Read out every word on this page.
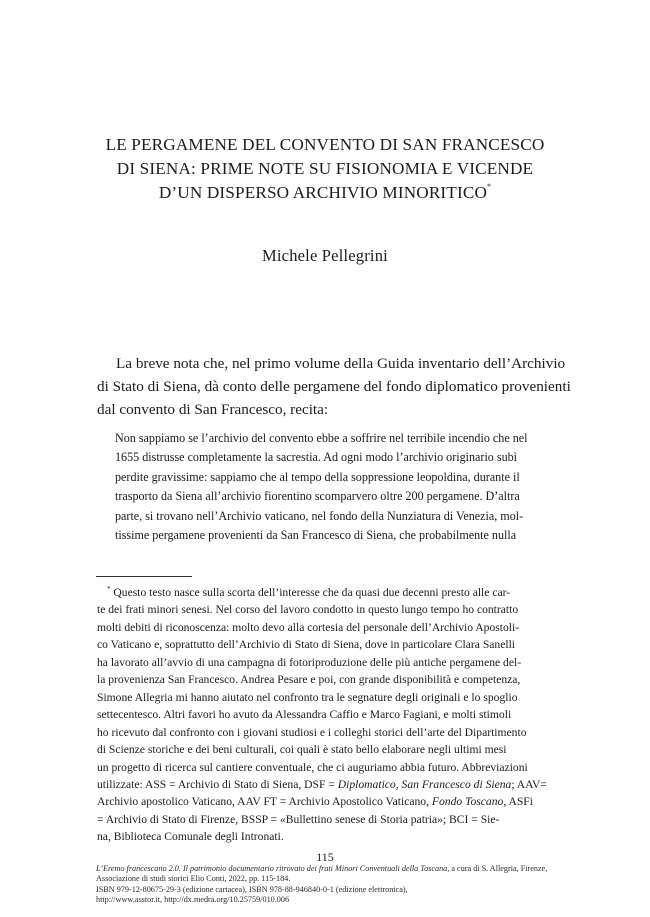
LE PERGAMENE DEL CONVENTO DI SAN FRANCESCO
DI SIENA: PRIME NOTE SU FISIONOMIA E VICENDE
D’UN DISPERSO ARCHIVIO MINORITICO*
Michele Pellegrini
La breve nota che, nel primo volume della Guida inventario dell’Archivio
di Stato di Siena, dà conto delle pergamene del fondo diplomatico provenienti
dal convento di San Francesco, recita:
Non sappiamo se l’archivio del convento ebbe a soffrire nel terribile incendio che nel
1655 distrusse completamente la sacrestia. Ad ogni modo l’archivio originario subì
perdite gravissime: sappiamo che al tempo della soppressione leopoldina, durante il
trasporto da Siena all’archivio fiorentino scomparvero oltre 200 pergamene. D’altra
parte, si trovano nell’Archivio vaticano, nel fondo della Nunziatura di Venezia, mol-
tissime pergamene provenienti da San Francesco di Siena, che probabilmente nulla
* Questo testo nasce sulla scorta dell’interesse che da quasi due decenni presto alle car-
te dei frati minori senesi. Nel corso del lavoro condotto in questo lungo tempo ho contratto
molti debiti di riconoscenza: molto devo alla cortesia del personale dell’Archivio Apostoli-
co Vaticano e, soprattutto dell’Archivio di Stato di Siena, dove in particolare Clara Sanelli
ha lavorato all’avvio di una campagna di fotoriproduzione delle più antiche pergamene del-
la provenienza San Francesco. Andrea Pesare e poi, con grande disponibilità e competenza,
Simone Allegria mi hanno aiutato nel confronto tra le segnature degli originali e lo spoglio
settecentesco. Altri favori ho avuto da Alessandra Caffio e Marco Fagiani, e molti stimoli
ho ricevuto dal confronto con i giovani studiosi e i colleghi storici dell’arte del Dipartimento
di Scienze storiche e dei beni culturali, coi quali è stato bello elaborare negli ultimi mesi
un progetto di ricerca sul cantiere conventuale, che ci auguriamo abbia futuro. Abbreviazioni
utilizzate: ASS = Archivio di Stato di Siena, DSF = Diplomatico, San Francesco di Siena; AAV=
Archivio apostolico Vaticano, AAV FT = Archivio Apostolico Vaticano, Fondo Toscano, ASFi
= Archivio di Stato di Firenze, BSSP = «Bullettino senese di Storia patria»; BCI = Sie-
na, Biblioteca Comunale degli Intronati.
115
L’Eremo francescano 2.0. Il patrimonio documentario ritrovato dei frati Minori Conventuali della Toscana, a cura di S. Allegria, Firenze,
Associazione di studi storici Elio Conti, 2022, pp. 115-184.
ISBN 979-12-80675-29-3 (edizione cartacea), ISBN 978-88-946840-0-1 (edizione elettronica),
http://www.asstor.it, http://dx.medra.org/10.25759/010.006
